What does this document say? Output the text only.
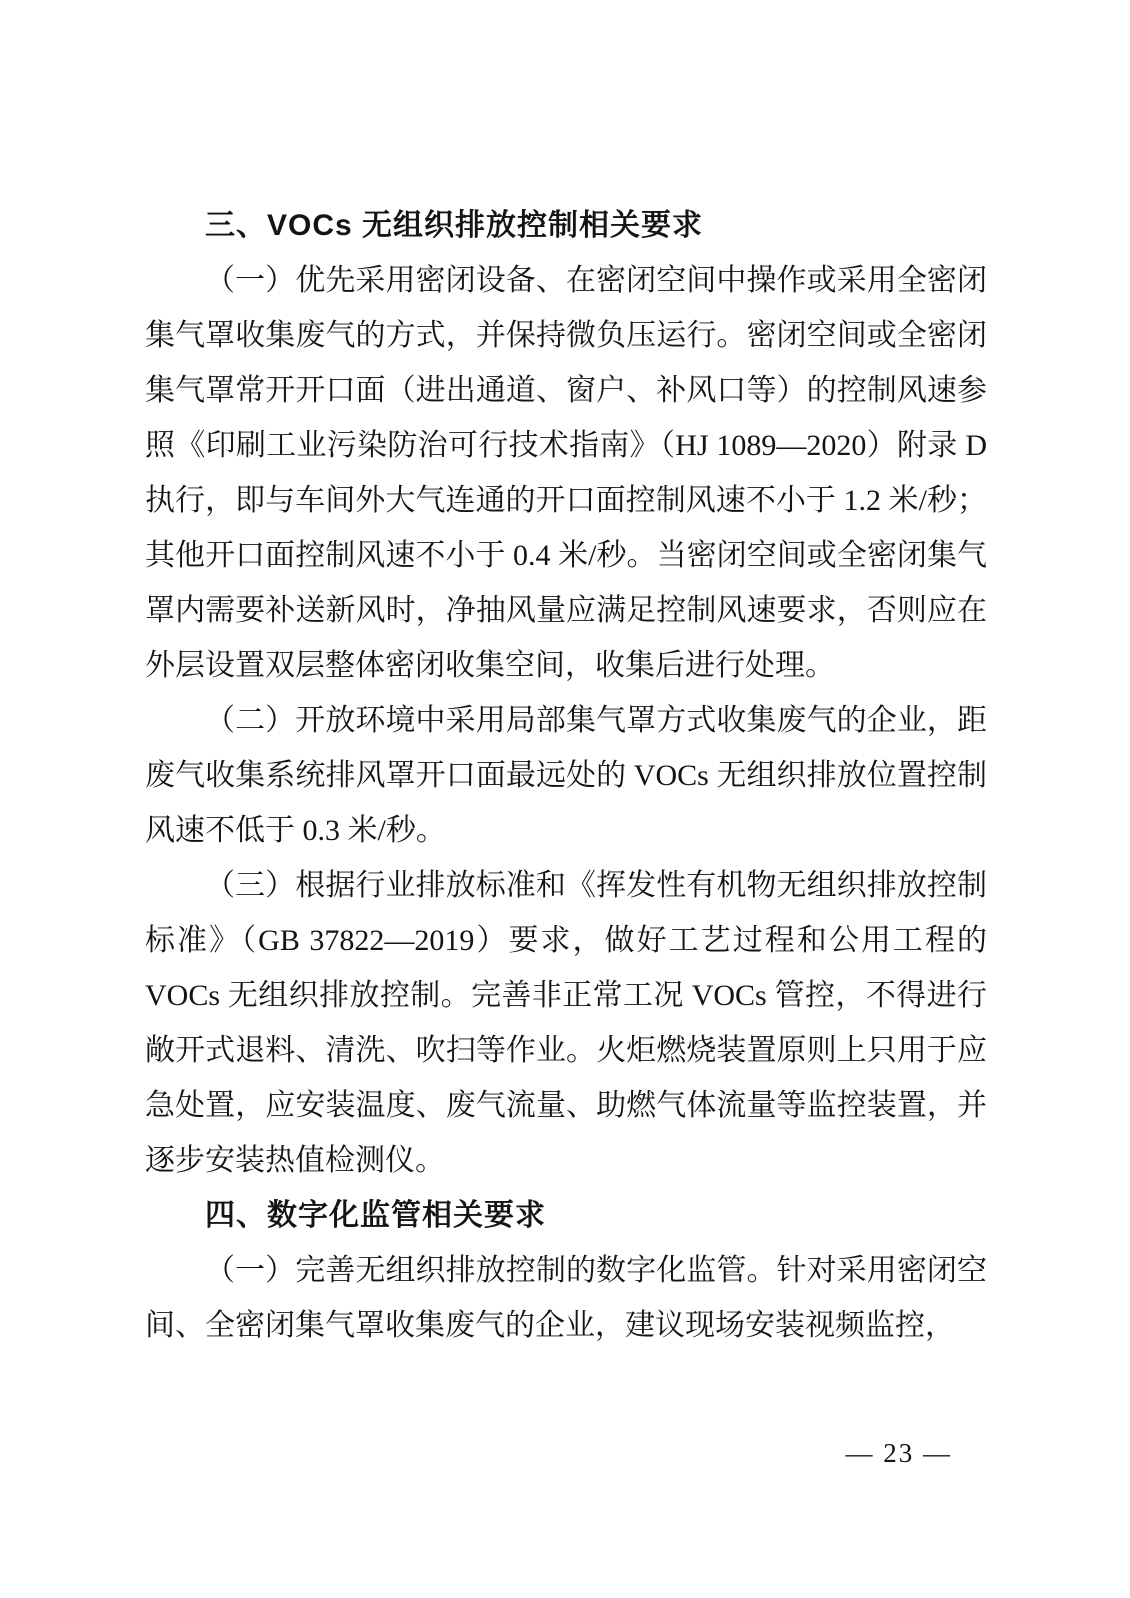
三、VOCs 无组织排放控制相关要求
（一）优先采用密闭设备、在密闭空间中操作或采用全密闭集气罩收集废气的方式，并保持微负压运行。密闭空间或全密闭集气罩常开开口面（进出通道、窗户、补风口等）的控制风速参照《印刷工业污染防治可行技术指南》（HJ 1089—2020）附录 D 执行，即与车间外大气连通的开口面控制风速不小于 1.2 米/秒；其他开口面控制风速不小于 0.4 米/秒。当密闭空间或全密闭集气罩内需要补送新风时，净抽风量应满足控制风速要求，否则应在外层设置双层整体密闭收集空间，收集后进行处理。
（二）开放环境中采用局部集气罩方式收集废气的企业，距废气收集系统排风罩开口面最远处的 VOCs 无组织排放位置控制风速不低于 0.3 米/秒。
（三）根据行业排放标准和《挥发性有机物无组织排放控制标准》（GB 37822—2019）要求，做好工艺过程和公用工程的 VOCs 无组织排放控制。完善非正常工况 VOCs 管控，不得进行敞开式退料、清洗、吹扫等作业。火炬燃烧装置原则上只用于应急处置，应安装温度、废气流量、助燃气体流量等监控装置，并逐步安装热值检测仪。
四、数字化监管相关要求
（一）完善无组织排放控制的数字化监管。针对采用密闭空间、全密闭集气罩收集废气的企业，建议现场安装视频监控，
— 23 —
